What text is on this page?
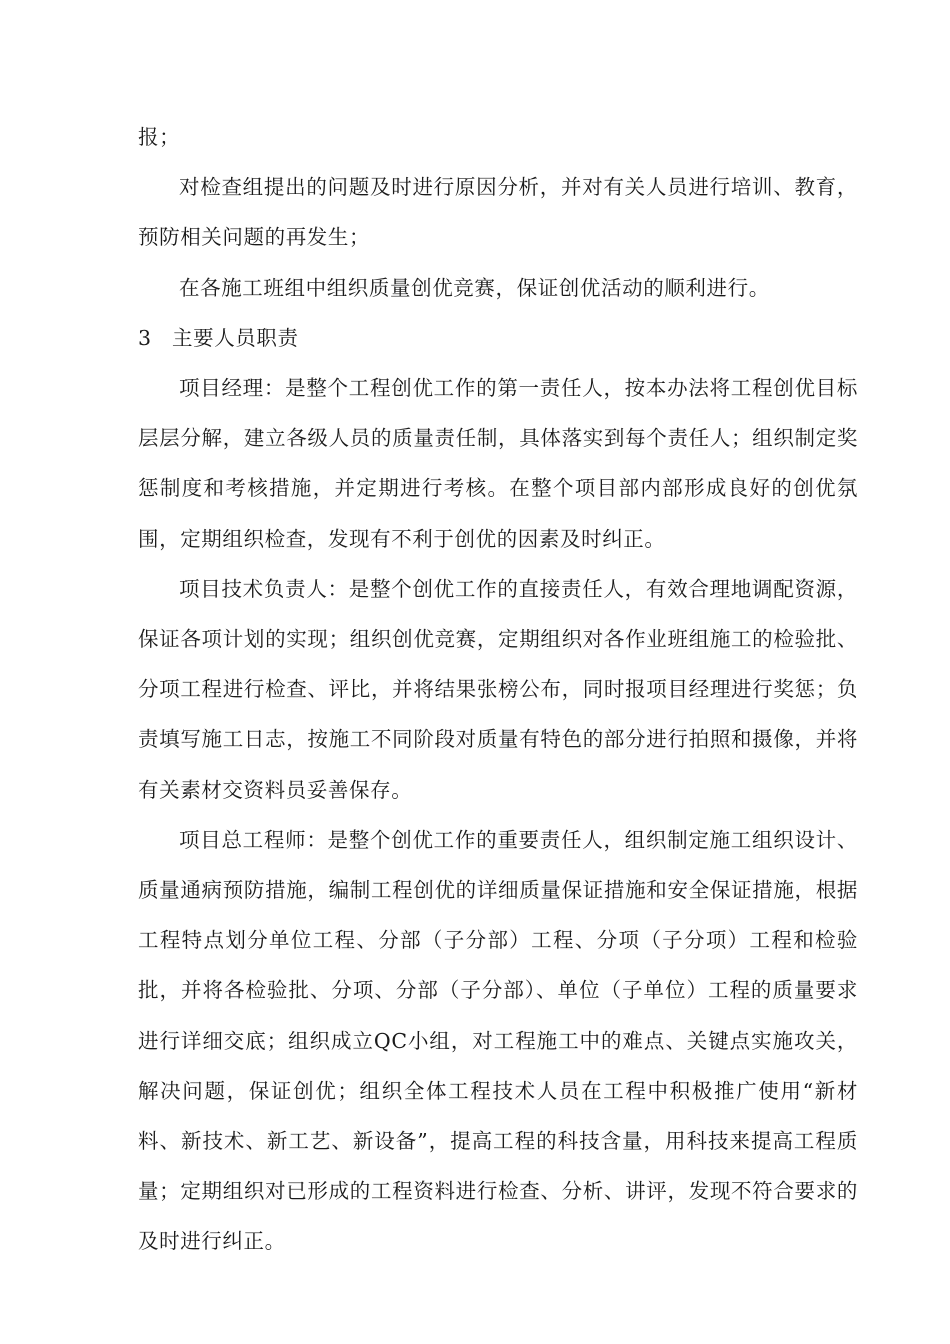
报；

对检查组提出的问题及时进行原因分析，并对有关人员进行培训、教育，预防相关问题的再发生；

在各施工班组中组织质量创优竞赛，保证创优活动的顺利进行。

3 主要人员职责

项目经理：是整个工程创优工作的第一责任人，按本办法将工程创优目标层层分解，建立各级人员的质量责任制，具体落实到每个责任人；组织制定奖惩制度和考核措施，并定期进行考核。在整个项目部内部形成良好的创优氛围，定期组织检查，发现有不利于创优的因素及时纠正。

项目技术负责人：是整个创优工作的直接责任人，有效合理地调配资源，保证各项计划的实现；组织创优竞赛，定期组织对各作业班组施工的检验批、分项工程进行检查、评比，并将结果张榜公布，同时报项目经理进行奖惩；负责填写施工日志，按施工不同阶段对质量有特色的部分进行拍照和摄像，并将有关素材交资料员妥善保存。

项目总工程师：是整个创优工作的重要责任人，组织制定施工组织设计、质量通病预防措施，编制工程创优的详细质量保证措施和安全保证措施，根据工程特点划分单位工程、分部（子分部）工程、分项（子分项）工程和检验批，并将各检验批、分项、分部（子分部）、单位（子单位）工程的质量要求进行详细交底；组织成立QC小组，对工程施工中的难点、关键点实施攻关，解决问题，保证创优；组织全体工程技术人员在工程中积极推广使用“新材料、新技术、新工艺、新设备”，提高工程的科技含量，用科技来提高工程质量；定期组织对已形成的工程资料进行检查、分析、讲评，发现不符合要求的及时进行纠正。
